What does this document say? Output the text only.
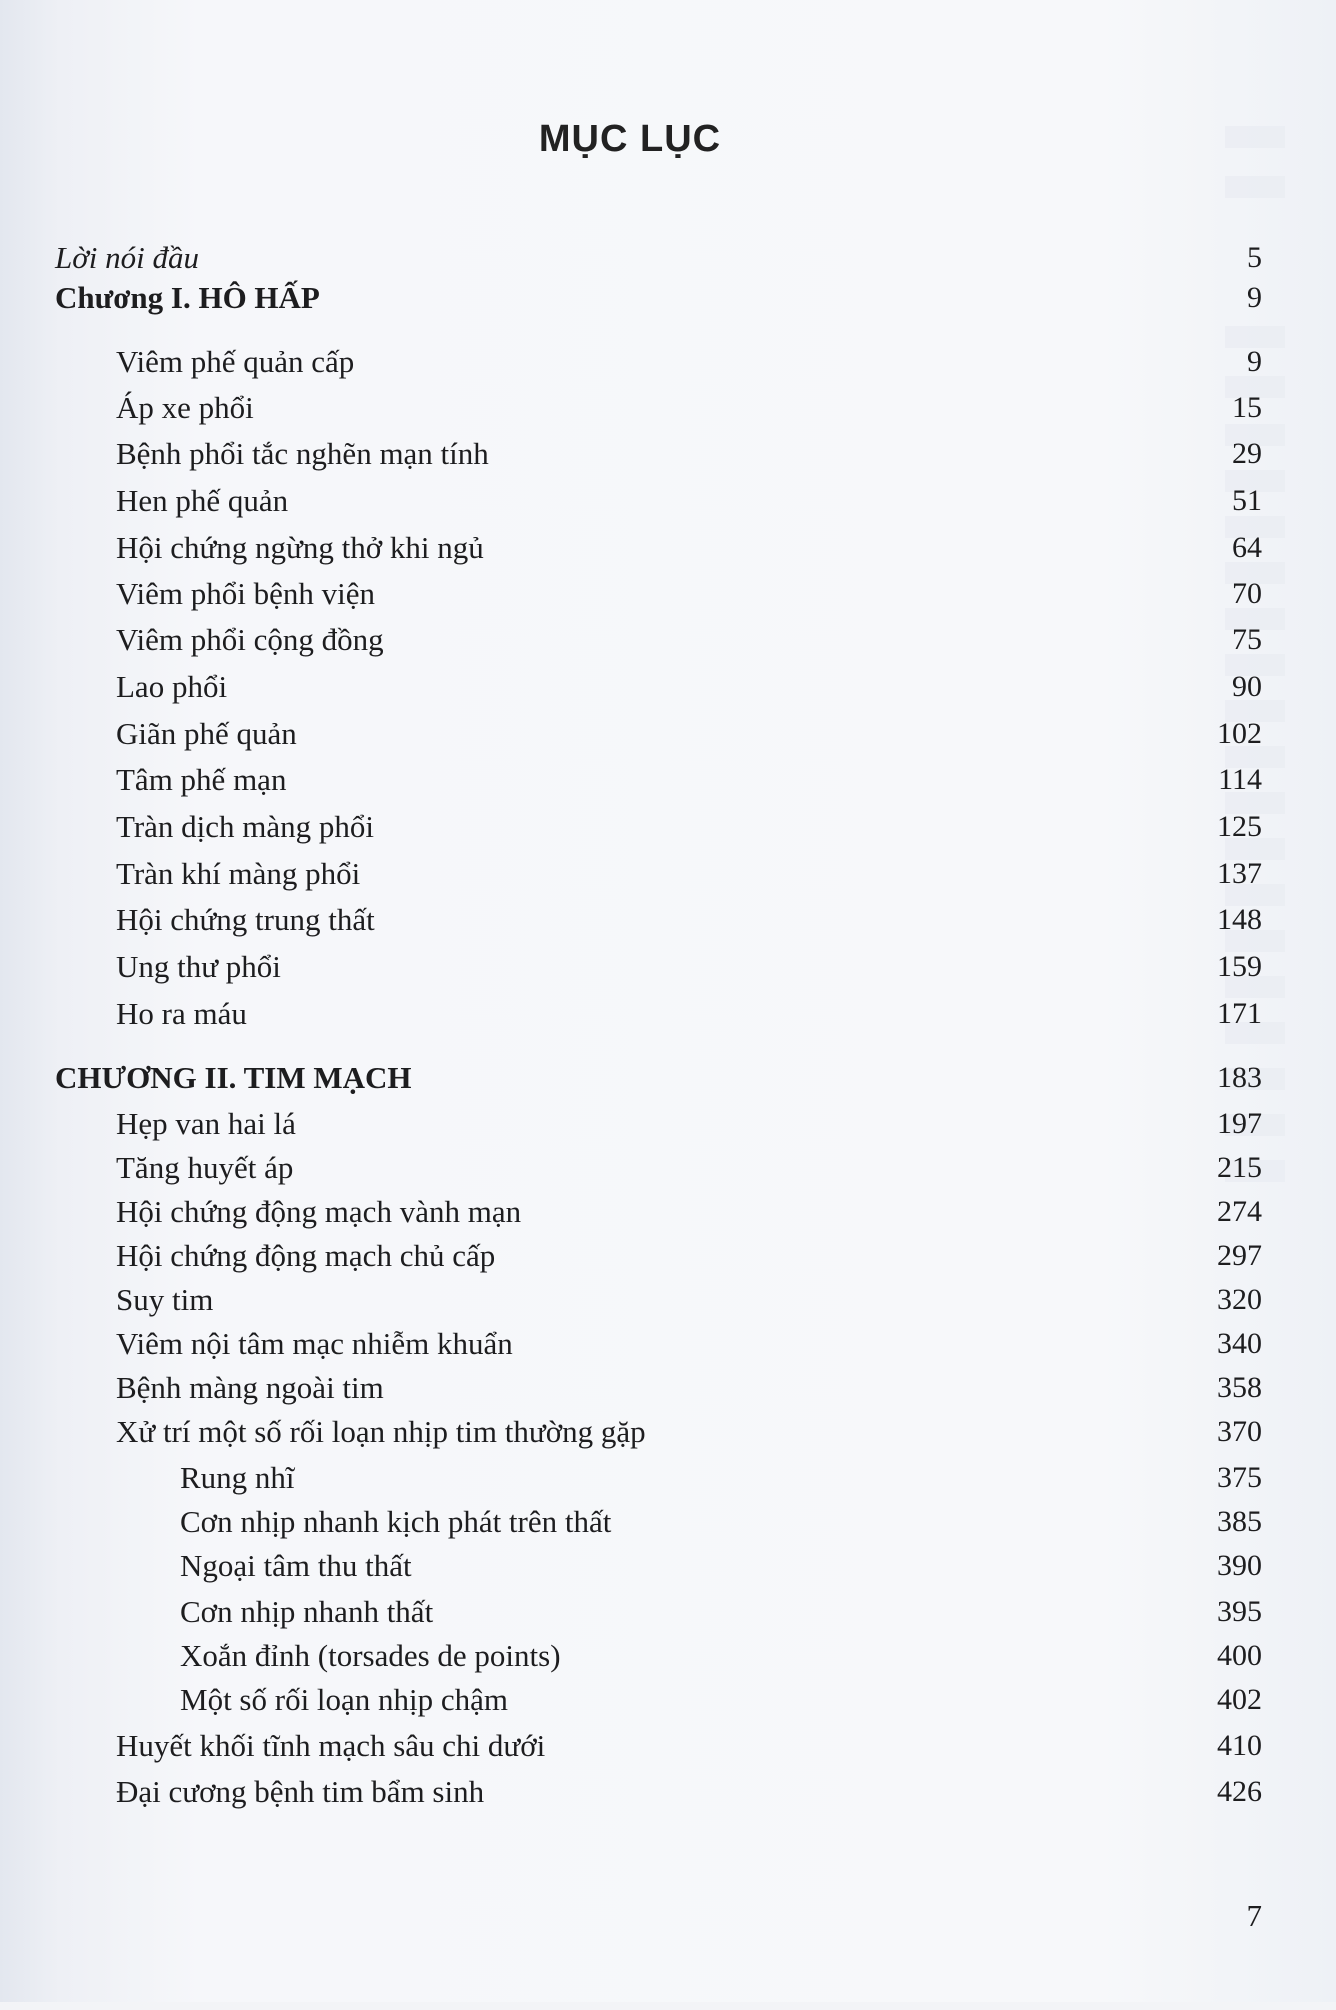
MỤC LỤC
Lời nói đầu	5
Chương I. HÔ HẤP	9
Viêm phế quản cấp	9
Áp xe phổi	15
Bệnh phổi tắc nghẽn mạn tính	29
Hen phế quản	51
Hội chứng ngừng thở khi ngủ	64
Viêm phổi bệnh viện	70
Viêm phổi cộng đồng	75
Lao phổi	90
Giãn phế quản	102
Tâm phế mạn	114
Tràn dịch màng phổi	125
Tràn khí màng phổi	137
Hội chứng trung thất	148
Ung thư phổi	159
Ho ra máu	171
CHƯƠNG II. TIM MẠCH	183
Hẹp van hai lá	197
Tăng huyết áp	215
Hội chứng động mạch vành mạn	274
Hội chứng động mạch chủ cấp	297
Suy tim	320
Viêm nội tâm mạc nhiễm khuẩn	340
Bệnh màng ngoài tim	358
Xử trí một số rối loạn nhịp tim thường gặp	370
Rung nhĩ	375
Cơn nhịp nhanh kịch phát trên thất	385
Ngoại tâm thu thất	390
Cơn nhịp nhanh thất	395
Xoắn đỉnh (torsades de points)	400
Một số rối loạn nhịp chậm	402
Huyết khối tĩnh mạch sâu chi dưới	410
Đại cương bệnh tim bẩm sinh	426
7
